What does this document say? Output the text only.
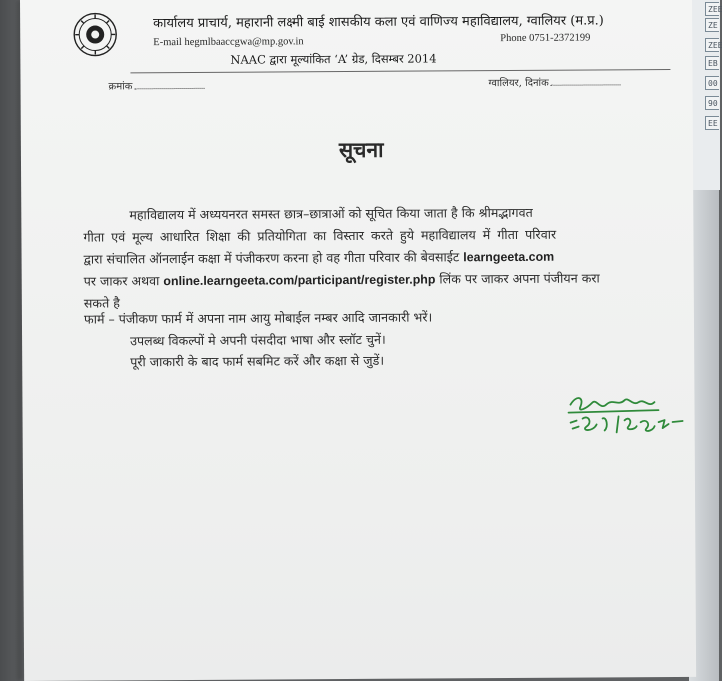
ZEE
ZE
ZEE
EB
00
90
EE
कार्यालय प्राचार्य, महारानी लक्ष्मी बाई शासकीय कला एवं वाणिज्य महाविद्यालय, ग्वालियर (म.प्र.)
E-mail hegmlbaaccgwa@mp.gov.in	Phone 0751-2372199
NAAC द्वारा मूल्यांकित ‘A’ ग्रेड, दिसम्बर 2014
क्रमांक	ग्वालियर, दिनांक
सूचना
महाविद्यालय में अध्ययनरत समस्त छात्र–छात्राओं को सूचित किया जाता है कि श्रीमद्भागवत
गीता एवं मूल्य आधारित शिक्षा की प्रतियोगिता का विस्तार करते हुये महाविद्यालय में गीता परिवार
द्वारा संचालित ऑनलाईन कक्षा में पंजीकरण करना हो वह गीता परिवार की बेवसाईट learngeeta.com
पर जाकर अथवा online.learngeeta.com/participant/register.php लिंक पर जाकर अपना पंजीयन करा
सकते है
फार्म – पंजीकण फार्म में अपना नाम आयु मोबाईल नम्बर आदि जानकारी भरें।
उपलब्ध विकल्पों मे अपनी पंसदीदा भाषा और स्लॉट चुनें।
पूरी जाकारी के बाद फार्म सबमिट करें और कक्षा से जुडें।
